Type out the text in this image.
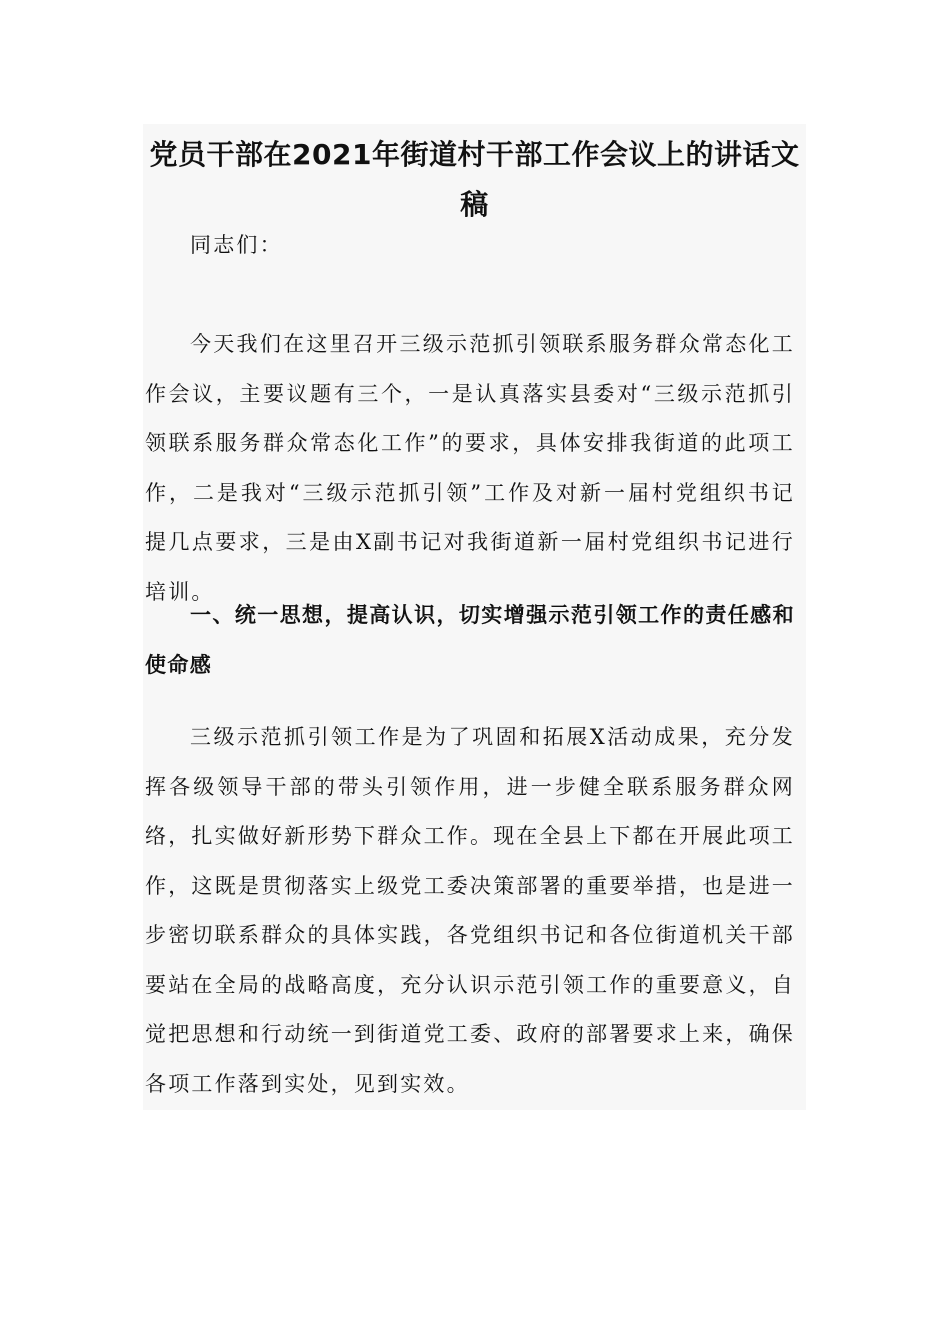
党员干部在2021年街道村干部工作会议上的讲话文稿

同志们：

今天我们在这里召开三级示范抓引领联系服务群众常态化工作会议，主要议题有三个，一是认真落实县委对“三级示范抓引领联系服务群众常态化工作”的要求，具体安排我街道的此项工作，二是我对“三级示范抓引领”工作及对新一届村党组织书记提几点要求，三是由X副书记对我街道新一届村党组织书记进行培训。

一、统一思想，提高认识，切实增强示范引领工作的责任感和使命感

三级示范抓引领工作是为了巩固和拓展X活动成果，充分发挥各级领导干部的带头引领作用，进一步健全联系服务群众网络，扎实做好新形势下群众工作。现在全县上下都在开展此项工作，这既是贯彻落实上级党工委决策部署的重要举措，也是进一步密切联系群众的具体实践，各党组织书记和各位街道机关干部要站在全局的战略高度，充分认识示范引领工作的重要意义，自觉把思想和行动统一到街道党工委、政府的部署要求上来，确保各项工作落到实处，见到实效。
